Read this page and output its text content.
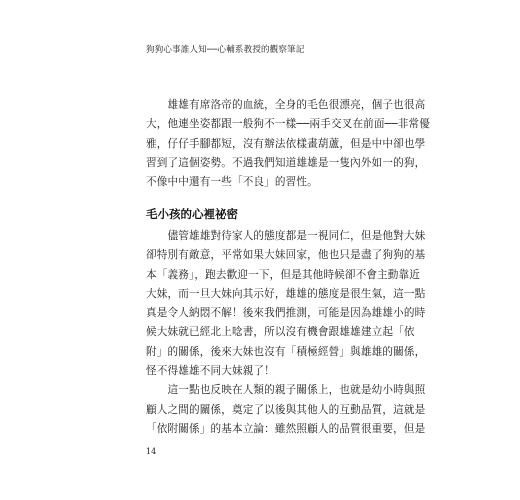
狗狗心事誰人知──心輔系教授的觀察筆記
　　雄雄有席洛帝的血統，全身的毛色很漂亮，個子也很高
大，他連坐姿都跟一般狗不一樣──兩手交叉在前面──非常優
雅，仔仔手腳都短，沒有辦法依樣畫葫蘆，但是中中卻也學
習到了這個姿勢。不過我們知道雄雄是一隻內外如一的狗，
不像中中還有一些「不良」的習性。
毛小孩的心裡祕密
　　儘管雄雄對待家人的態度都是一視同仁，但是他對大妹
卻特別有敵意，平常如果大妹回家，他也只是盡了狗狗的基
本「義務」，跑去歡迎一下，但是其他時候卻不會主動靠近
大妹，而一旦大妹向其示好，雄雄的態度是很生氣，這一點
真是令人納悶不解！後來我們推測，可能是因為雄雄小的時
候大妹就已經北上唸書，所以沒有機會跟雄雄建立起「依
附」的關係，後來大妹也沒有「積極經營」與雄雄的關係，
怪不得雄雄不同大妹親了！
　　這一點也反映在人類的親子關係上，也就是幼小時與照
顧人之間的關係，奠定了以後與其他人的互動品質，這就是
「依附關係」的基本立論：雖然照顧人的品質很重要，但是
14
